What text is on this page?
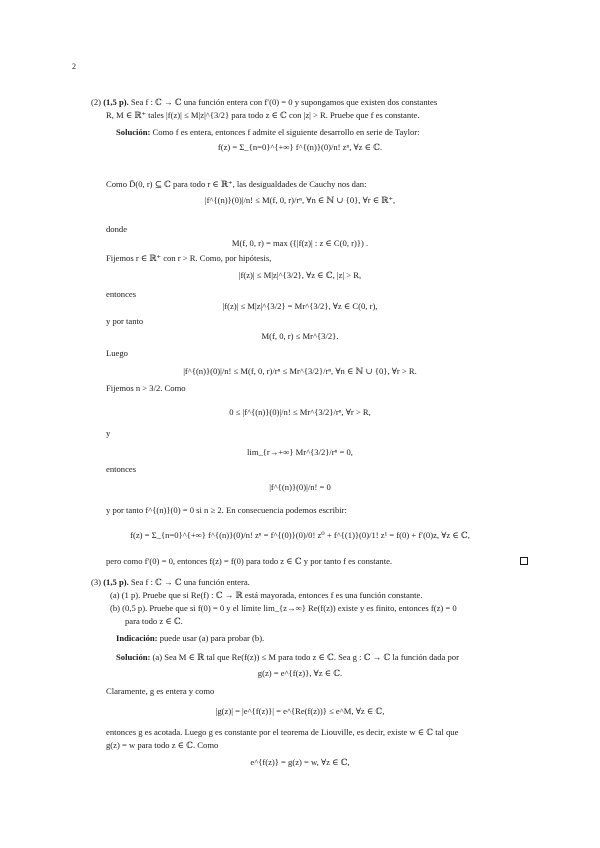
2
(2) (1,5 p). Sea f : ℂ → ℂ una función entera con f′(0) = 0 y supongamos que existen dos constantes
R, M ∈ ℝ⁺ tales |f(z)| ≤ M|z|^{3/2} para todo z ∈ ℂ con |z| > R. Pruebe que f es constante.
Solución: Como f es entera, entonces f admite el siguiente desarrollo en serie de Taylor:
f(z) = Σ_{n=0}^{+∞} f^{(n)}(0)/n! zⁿ, ∀z ∈ ℂ.
Como D̄(0, r) ⊆ ℂ para todo r ∈ ℝ⁺, las desigualdades de Cauchy nos dan:
|f^{(n)}(0)|/n! ≤ M(f, 0, r)/rⁿ, ∀n ∈ ℕ ∪ {0}, ∀r ∈ ℝ⁺,
donde
M(f, 0, r) = max ({|f(z)| : z ∈ C(0, r)}) .
Fijemos r ∈ ℝ⁺ con r > R. Como, por hipótesis,
|f(z)| ≤ M|z|^{3/2}, ∀z ∈ ℂ, |z| > R,
entonces
|f(z)| ≤ M|z|^{3/2} = Mr^{3/2}, ∀z ∈ C(0, r),
y por tanto
M(f, 0, r) ≤ Mr^{3/2}.
Luego
|f^{(n)}(0)|/n! ≤ M(f, 0, r)/rⁿ ≤ Mr^{3/2}/rⁿ, ∀n ∈ ℕ ∪ {0}, ∀r > R.
Fijemos n > 3/2. Como
0 ≤ |f^{(n)}(0)|/n! ≤ Mr^{3/2}/rⁿ, ∀r > R,
y
lim_{r→+∞} Mr^{3/2}/rⁿ = 0,
entonces
|f^{(n)}(0)|/n! = 0
y por tanto f^{(n)}(0) = 0 si n ≥ 2. En consecuencia podemos escribir:
f(z) = Σ_{n=0}^{+∞} f^{(n)}(0)/n! zⁿ = f^{(0)}(0)/0! z⁰ + f^{(1)}(0)/1! z¹ = f(0) + f′(0)z, ∀z ∈ ℂ,
pero como f′(0) = 0, entonces f(z) = f(0) para todo z ∈ ℂ y por tanto f es constante.
(3) (1,5 p). Sea f : ℂ → ℂ una función entera.
(a) (1 p). Pruebe que si Re(f) : ℂ → ℝ está mayorada, entonces f es una función constante.
(b) (0,5 p). Pruebe que si f(0) = 0 y el límite lim_{z→∞} Re(f(z)) existe y es finito, entonces f(z) = 0
para todo z ∈ ℂ.
Indicación: puede usar (a) para probar (b).
Solución: (a) Sea M ∈ ℝ tal que Re(f(z)) ≤ M para todo z ∈ ℂ. Sea g : ℂ → ℂ la función dada por
g(z) = e^{f(z)}, ∀z ∈ ℂ.
Claramente, g es entera y como
|g(z)| = |e^{f(z)}| = e^{Re(f(z))} ≤ e^M, ∀z ∈ ℂ,
entonces g es acotada. Luego g es constante por el teorema de Liouville, es decir, existe w ∈ ℂ tal que
g(z) = w para todo z ∈ ℂ. Como
e^{f(z)} = g(z) = w, ∀z ∈ ℂ,
